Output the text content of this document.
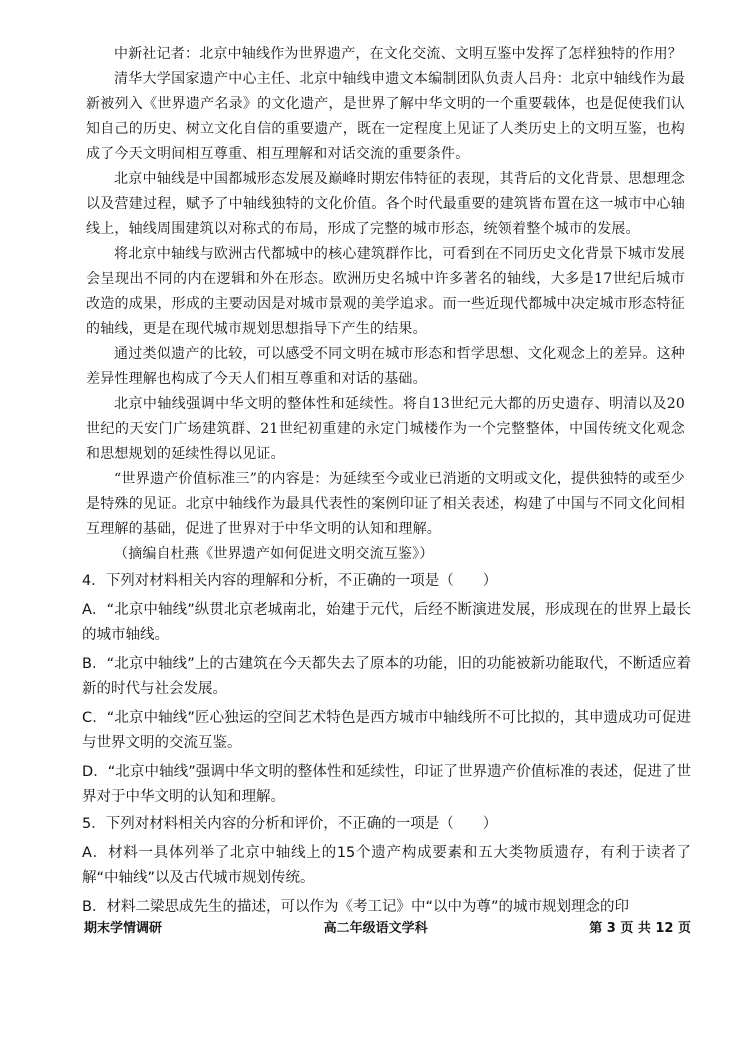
中新社记者：北京中轴线作为世界遗产，在文化交流、文明互鉴中发挥了怎样独特的作用？

清华大学国家遗产中心主任、北京中轴线申遗文本编制团队负责人吕舟：北京中轴线作为最新被列入《世界遗产名录》的文化遗产，是世界了解中华文明的一个重要载体，也是促使我们认知自己的历史、树立文化自信的重要遗产，既在一定程度上见证了人类历史上的文明互鉴，也构成了今天文明间相互尊重、相互理解和对话交流的重要条件。

北京中轴线是中国都城形态发展及巅峰时期宏伟特征的表现，其背后的文化背景、思想理念以及营建过程，赋予了中轴线独特的文化价值。各个时代最重要的建筑皆布置在这一城市中心轴线上，轴线周围建筑以对称式的布局，形成了完整的城市形态，统领着整个城市的发展。

将北京中轴线与欧洲古代都城中的核心建筑群作比，可看到在不同历史文化背景下城市发展会呈现出不同的内在逻辑和外在形态。欧洲历史名城中许多著名的轴线，大多是17世纪后城市改造的成果，形成的主要动因是对城市景观的美学追求。而一些近现代都城中决定城市形态特征的轴线，更是在现代城市规划思想指导下产生的结果。

通过类似遗产的比较，可以感受不同文明在城市形态和哲学思想、文化观念上的差异。这种差异性理解也构成了今天人们相互尊重和对话的基础。

北京中轴线强调中华文明的整体性和延续性。将自13世纪元大都的历史遗存、明清以及20世纪的天安门广场建筑群、21世纪初重建的永定门城楼作为一个完整整体，中国传统文化观念和思想规划的延续性得以见证。

“世界遗产价值标准三”的内容是：为延续至今或业已消逝的文明或文化，提供独特的或至少是特殊的见证。北京中轴线作为最具代表性的案例印证了相关表述，构建了中国与不同文化间相互理解的基础，促进了世界对于中华文明的认知和理解。

（摘编自杜燕《世界遗产如何促进文明交流互鉴》）

4．下列对材料相关内容的理解和分析，不正确的一项是（　　）

A．“北京中轴线”纵贯北京老城南北，始建于元代，后经不断演进发展，形成现在的世界上最长的城市轴线。

B．“北京中轴线”上的古建筑在今天都失去了原本的功能，旧的功能被新功能取代，不断适应着新的时代与社会发展。

C．“北京中轴线”匠心独运的空间艺术特色是西方城市中轴线所不可比拟的，其申遗成功可促进与世界文明的交流互鉴。

D．“北京中轴线”强调中华文明的整体性和延续性，印证了世界遗产价值标准的表述，促进了世界对于中华文明的认知和理解。

5．下列对材料相关内容的分析和评价，不正确的一项是（　　）

A．材料一具体列举了北京中轴线上的15个遗产构成要素和五大类物质遗存，有利于读者了解“中轴线”以及古代城市规划传统。

B．材料二梁思成先生的描述，可以作为《考工记》中“以中为尊”的城市规划理念的印

期末学情调研	高二年级语文学科	第 3 页 共 12 页
